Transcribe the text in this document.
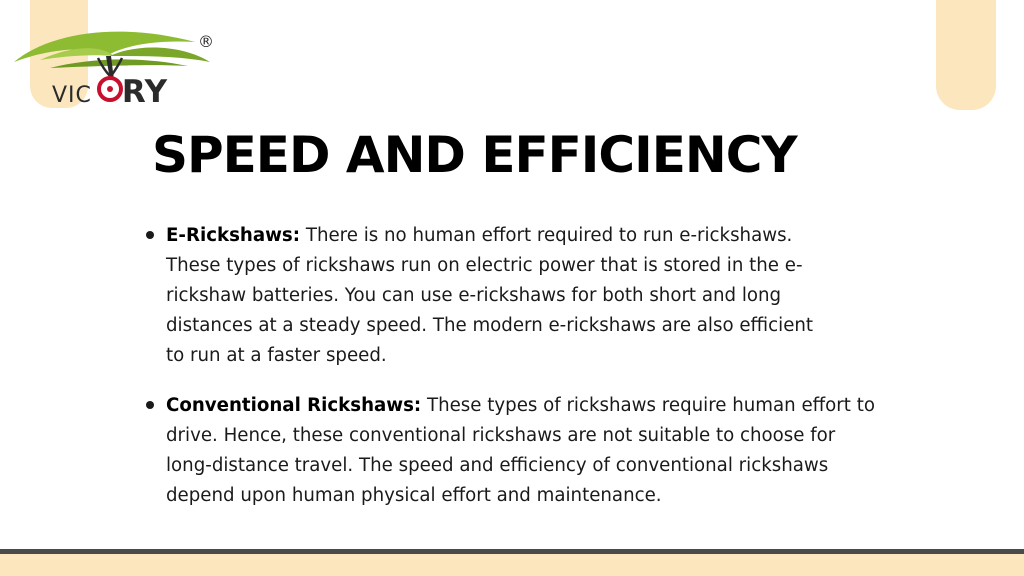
VIC RY
®
SPEED AND EFFICIENCY
E-Rickshaws: There is no human effort required to run e-rickshaws.
These types of rickshaws run on electric power that is stored in the e-
rickshaw batteries. You can use e-rickshaws for both short and long
distances at a steady speed. The modern e-rickshaws are also efficient
to run at a faster speed.
Conventional Rickshaws: These types of rickshaws require human effort to
drive. Hence, these conventional rickshaws are not suitable to choose for
long-distance travel. The speed and efficiency of conventional rickshaws
depend upon human physical effort and maintenance.
